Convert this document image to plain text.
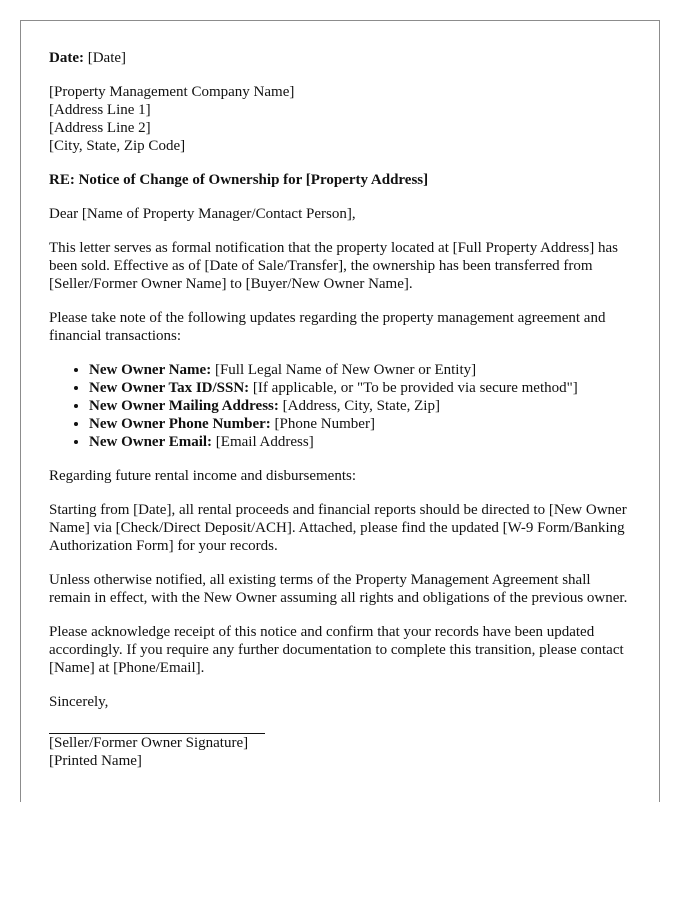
Date: [Date]

[Property Management Company Name]
[Address Line 1]
[Address Line 2]
[City, State, Zip Code]

RE: Notice of Change of Ownership for [Property Address]

Dear [Name of Property Manager/Contact Person],

This letter serves as formal notification that the property located at [Full Property Address] has been sold. Effective as of [Date of Sale/Transfer], the ownership has been transferred from [Seller/Former Owner Name] to [Buyer/New Owner Name].

Please take note of the following updates regarding the property management agreement and financial transactions:

• New Owner Name: [Full Legal Name of New Owner or Entity]
• New Owner Tax ID/SSN: [If applicable, or "To be provided via secure method"]
• New Owner Mailing Address: [Address, City, State, Zip]
• New Owner Phone Number: [Phone Number]
• New Owner Email: [Email Address]

Regarding future rental income and disbursements:

Starting from [Date], all rental proceeds and financial reports should be directed to [New Owner Name] via [Check/Direct Deposit/ACH]. Attached, please find the updated [W-9 Form/Banking Authorization Form] for your records.

Unless otherwise notified, all existing terms of the Property Management Agreement shall remain in effect, with the New Owner assuming all rights and obligations of the previous owner.

Please acknowledge receipt of this notice and confirm that your records have been updated accordingly. If you require any further documentation to complete this transition, please contact [Name] at [Phone/Email].

Sincerely,

[Seller/Former Owner Signature]
[Printed Name]
